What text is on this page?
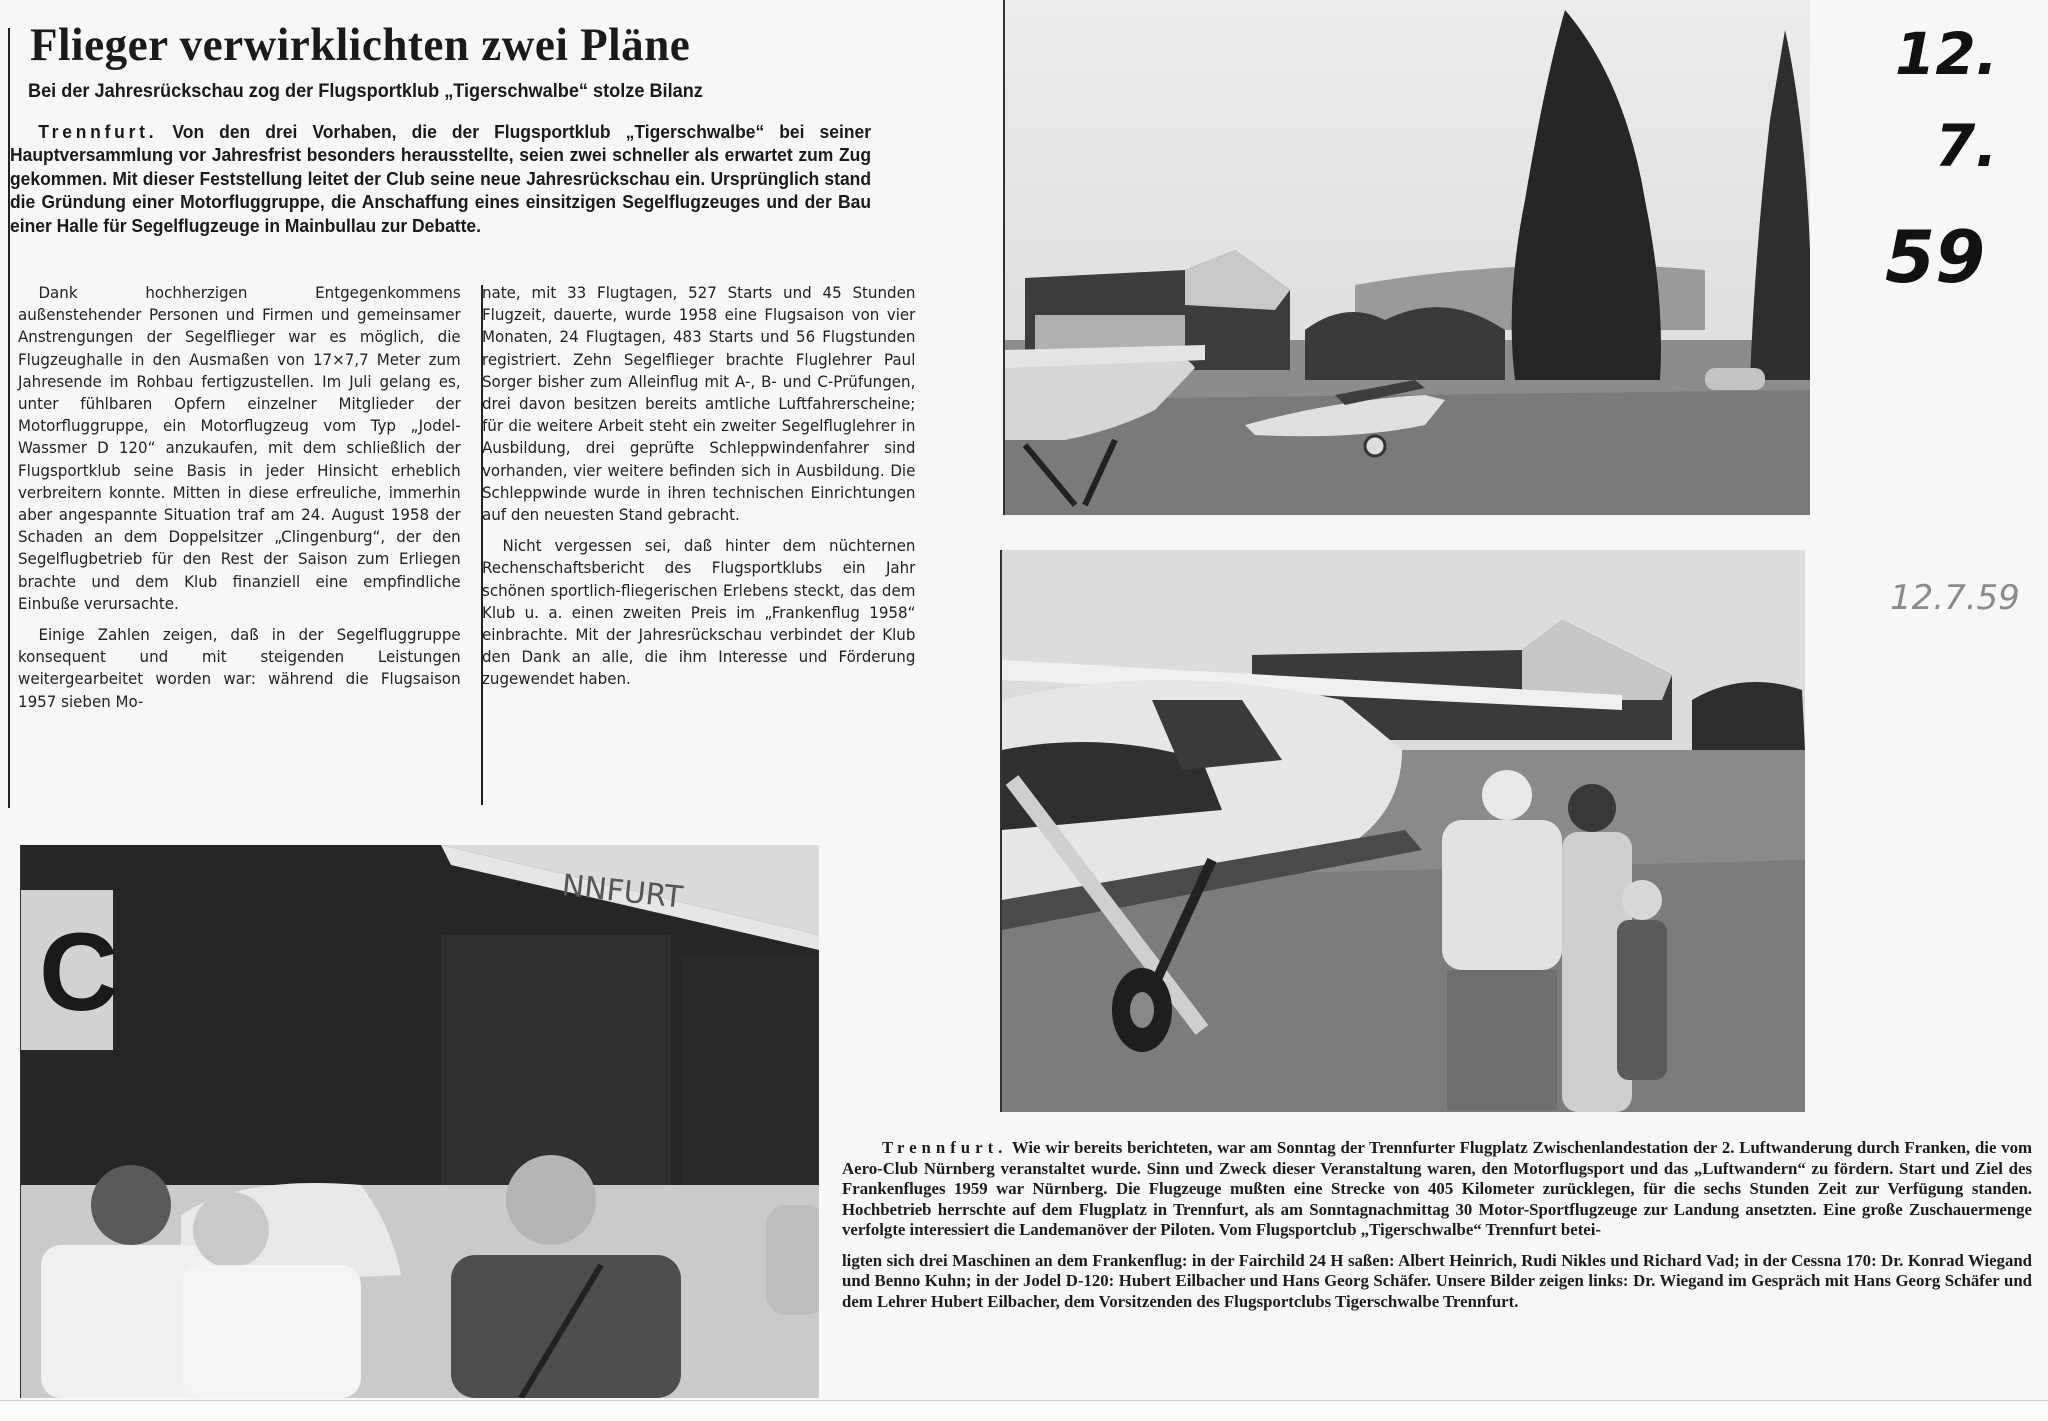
Flieger verwirklichten zwei Pläne
Bei der Jahresrückschau zog der Flugsportklub „Tigerschwalbe“ stolze Bilanz
Trennfurt. Von den drei Vorhaben, die der Flugsportklub „Tigerschwalbe“ bei seiner Hauptversammlung vor Jahresfrist besonders herausstellte, seien zwei schneller als erwartet zum Zug gekommen. Mit dieser Feststellung leitet der Club seine neue Jahresrückschau ein. Ursprünglich stand die Gründung einer Motorfluggruppe, die Anschaffung eines einsitzigen Segelflugzeuges und der Bau einer Halle für Segelflugzeuge in Mainbullau zur Debatte.

Dank hochherzigen Entgegenkommens außenstehender Personen und Firmen und gemeinsamer Anstrengungen der Segelflieger war es möglich, die Flugzeughalle in den Ausmaßen von 17×7,7 Meter zum Jahresende im Rohbau fertigzustellen. Im Juli gelang es, unter fühlbaren Opfern einzelner Mitglieder der Motorfluggruppe, ein Motorflugzeug vom Typ „Jodel-Wassmer D 120“ anzukaufen, mit dem schließlich der Flugsportklub seine Basis in jeder Hinsicht erheblich verbreitern konnte. Mitten in diese erfreuliche, immerhin aber angespannte Situation traf am 24. August 1958 der Schaden an dem Doppelsitzer „Clingenburg“, der den Segelflugbetrieb für den Rest der Saison zum Erliegen brachte und dem Klub finanziell eine empfindliche Einbuße verursachte.

Einige Zahlen zeigen, daß in der Segelfluggruppe konsequent und mit steigenden Leistungen weitergearbeitet worden war: während die Flugsaison 1957 sieben Mo-

nate, mit 33 Flugtagen, 527 Starts und 45 Stunden Flugzeit, dauerte, wurde 1958 eine Flugsaison von vier Monaten, 24 Flugtagen, 483 Starts und 56 Flugstunden registriert. Zehn Segelflieger brachte Fluglehrer Paul Sorger bisher zum Alleinflug mit A-, B- und C-Prüfungen, drei davon besitzen bereits amtliche Luftfahrerscheine; für die weitere Arbeit steht ein zweiter Segelfluglehrer in Ausbildung, drei geprüfte Schleppwindenfahrer sind vorhanden, vier weitere befinden sich in Ausbildung. Die Schleppwinde wurde in ihren technischen Einrichtungen auf den neuesten Stand gebracht.

Nicht vergessen sei, daß hinter dem nüchternen Rechenschaftsbericht des Flugsportklubs ein Jahr schönen sportlich-fliegerischen Erlebens steckt, das dem Klub u. a. einen zweiten Preis im „Frankenflug 1958“ einbrachte. Mit der Jahresrückschau verbindet der Klub den Dank an alle, die ihm Interesse und Förderung zugewendet haben.

NNFURT
C

Trennfurt. Wie wir bereits berichteten, war am Sonntag der Trennfurter Flugplatz Zwischenlandestation der 2. Luftwanderung durch Franken, die vom Aero-Club Nürnberg veranstaltet wurde. Sinn und Zweck dieser Veranstaltung waren, den Motorflugsport und das „Luftwandern“ zu fördern. Start und Ziel des Frankenfluges 1959 war Nürnberg. Die Flugzeuge mußten eine Strecke von 405 Kilometer zurücklegen, für die sechs Stunden Zeit zur Verfügung standen. Hochbetrieb herrschte auf dem Flugplatz in Trennfurt, als am Sonntagnachmittag 30 Motor-Sportflugzeuge zur Landung ansetzten. Eine große Zuschauermenge verfolgte interessiert die Landemanöver der Piloten. Vom Flugsportclub „Tigerschwalbe“ Trennfurt betei-

ligten sich drei Maschinen an dem Frankenflug: in der Fairchild 24 H saßen: Albert Heinrich, Rudi Nikles und Richard Vad; in der Cessna 170: Dr. Konrad Wiegand und Benno Kuhn; in der Jodel D-120: Hubert Eilbacher und Hans Georg Schäfer. Unsere Bilder zeigen links: Dr. Wiegand im Gespräch mit Hans Georg Schäfer und dem Lehrer Hubert Eilbacher, dem Vorsitzenden des Flugsportclubs Tigerschwalbe Trennfurt.

12.
7.
59
12.7.59
